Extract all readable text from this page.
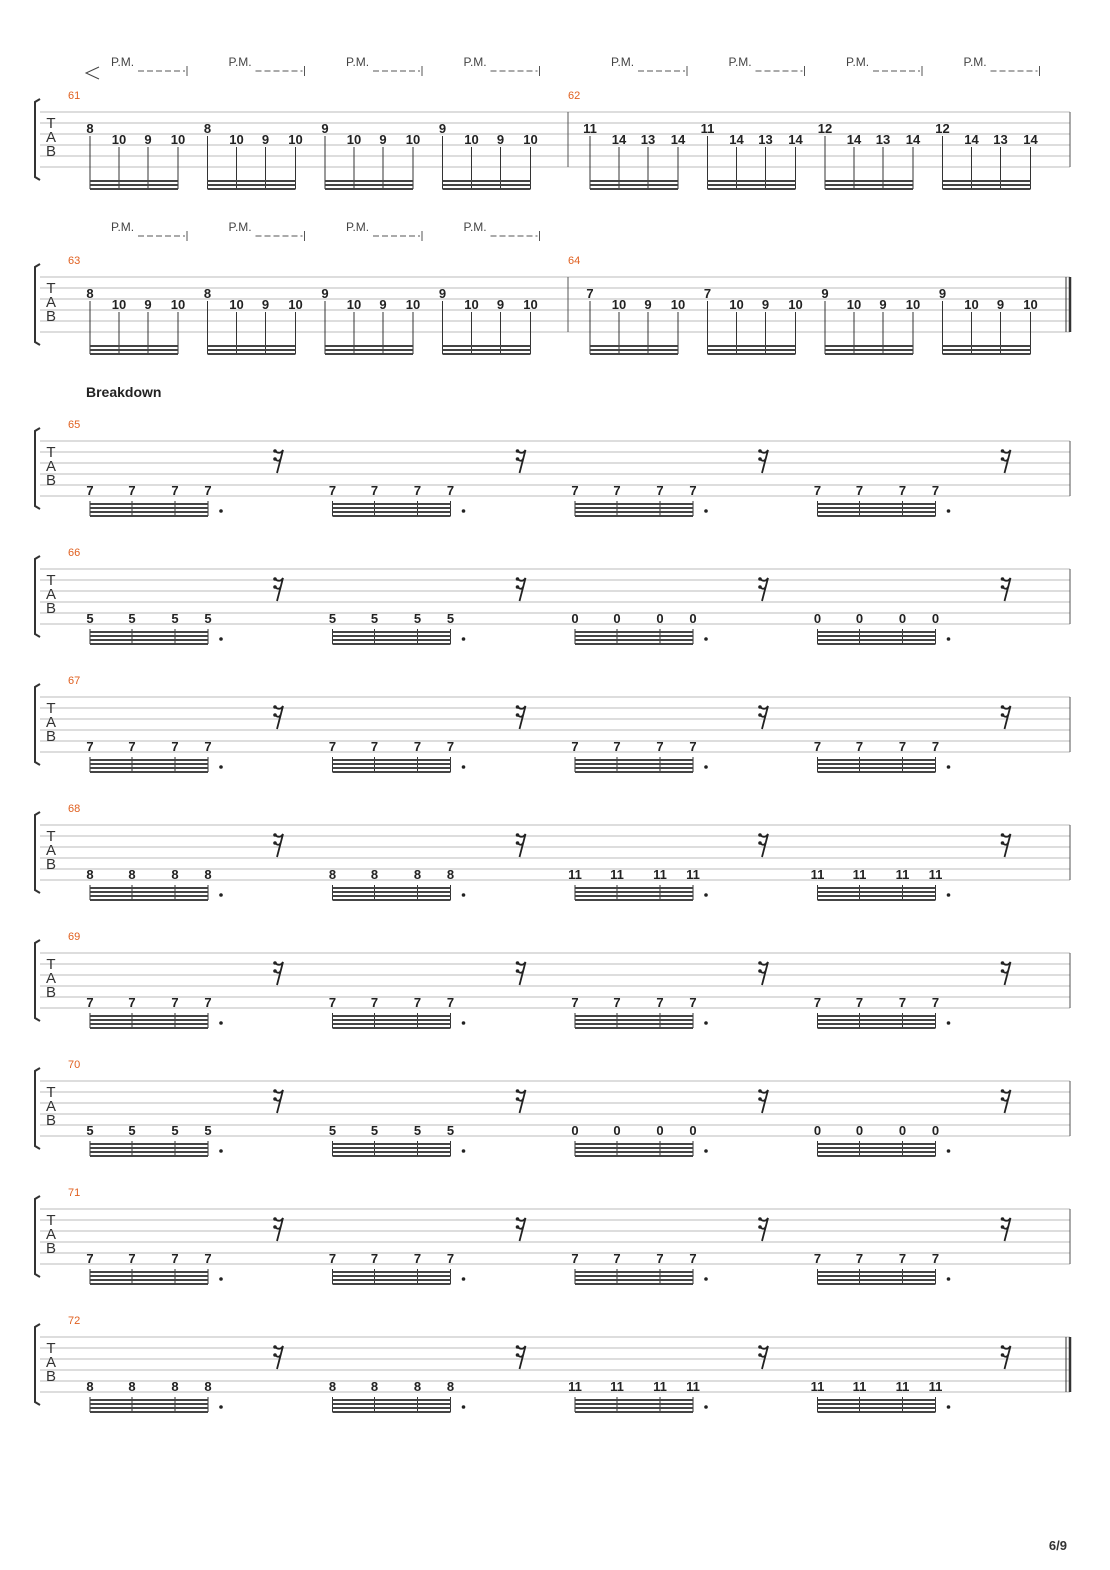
T
A
B
61
P.M.
8
10 9 10
P.M.
8
10 9 10
P.M.
9
10 9 10
P.M.
9
10 9 10
62
P.M.
11
14 13 14
P.M.
11
14 13 14
P.M.
12
14 13 14
P.M.
12
14 13 14
T
A
B
63
P.M.
8
10 9 10
P.M.
8
10 9 10
P.M.
9
10 9 10
P.M.
9
10 9 10
64
7
10 9 10
7
10 9 10
9
10 9 10
9
10 9 10
T
A
B
65
7	7	7 7	7	7	7 7	7	7	7 7	7	7	7 7
T
A
B
66
5	5	5 5	5	5	5 5	0	0	0 0	0	0	0 0
T
A
B
67
7	7	7 7	7	7	7 7	7	7	7 7	7	7	7 7
T
A
B
68
8	8	8 8	8	8	8 8	11 11 11 11	11 11 11 11
T
A
B
69
7	7	7 7	7	7	7 7	7	7	7 7	7	7	7 7
T
A
B
70
5	5	5 5	5	5	5 5	0	0	0 0	0	0	0 0
T
A
B
71
7	7	7 7	7	7	7 7	7	7	7 7	7	7	7 7
T
A
B
72
8	8	8 8	8	8	8 8	11 11 11 11	11 11 11 11
Breakdown
6/9
